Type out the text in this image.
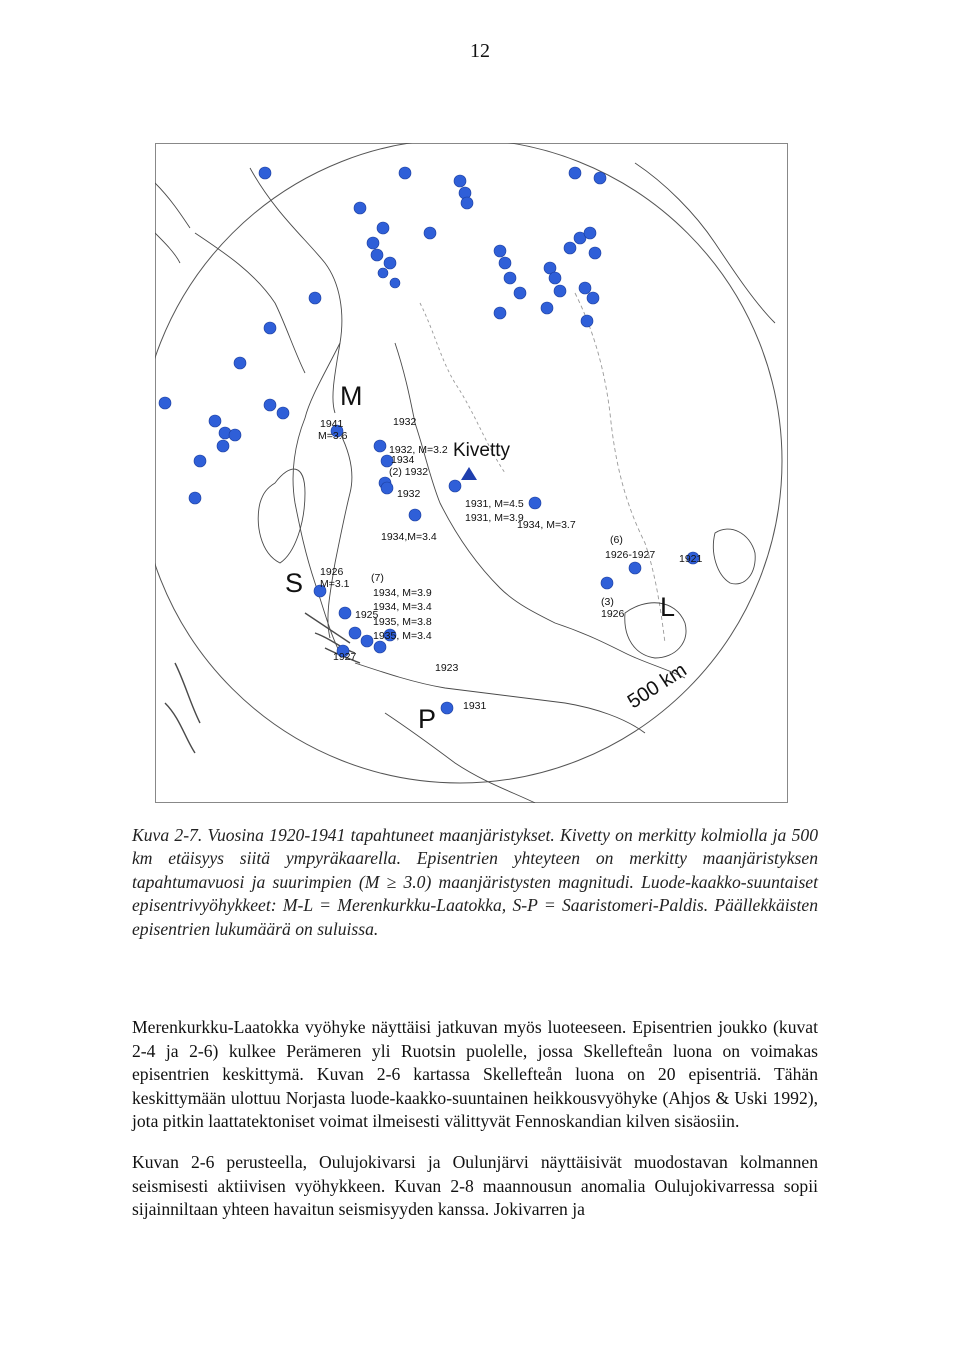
12
M
S
L
P
Kivetty
500 km
1941
M=3.6
1932
1932, M=3.2
1934
(2) 1932
1932
1934,M=3.4
1931, M=4.5
1931, M=3.9
1934, M=3.7
(6)
1926-1927 1921
(3)
1926
1926
M=3.1 (7)
1934, M=3.9
1934, M=3.4
1925
1935, M=3.8
1935, M=3.4
1927
1923
1931
Kuva 2-7. Vuosina 1920-1941 tapahtuneet maanjäristykset. Kivetty on merkitty kolmiolla ja 500 km etäisyys siitä ympyräkaarella. Episentrien yhteyteen on merkitty maanjäristyksen tapahtumavuosi ja suurimpien (M ≥ 3.0) maanjäristysten magnitudi. Luode-kaakko-suuntaiset episentrivyöhykkeet: M-L = Merenkurkku-Laatokka, S-P = Saaristomeri-Paldis. Päällekkäisten episentrien lukumäärä on suluissa.
Merenkurkku-Laatokka vyöhyke näyttäisi jatkuvan myös luoteeseen. Episentrien joukko (kuvat 2-4 ja 2-6) kulkee Perämeren yli Ruotsin puolelle, jossa Skellefteån luona on voimakas episentrien keskittymä. Kuvan 2-6 kartassa Skellefteån luona on 20 episentriä. Tähän keskittymään ulottuu Norjasta luode-kaakko-suuntainen heikkousvyöhyke (Ahjos & Uski 1992), jota pitkin laattatektoniset voimat ilmeisesti välittyvät Fennoskandian kilven sisäosiin.
Kuvan 2-6 perusteella, Oulujokivarsi ja Oulunjärvi näyttäisivät muodostavan kolmannen seismisesti aktiivisen vyöhykkeen. Kuvan 2-8 maannousun anomalia Oulujokivarressa sopii sijainniltaan yhteen havaitun seismisyyden kanssa. Jokivarren ja
